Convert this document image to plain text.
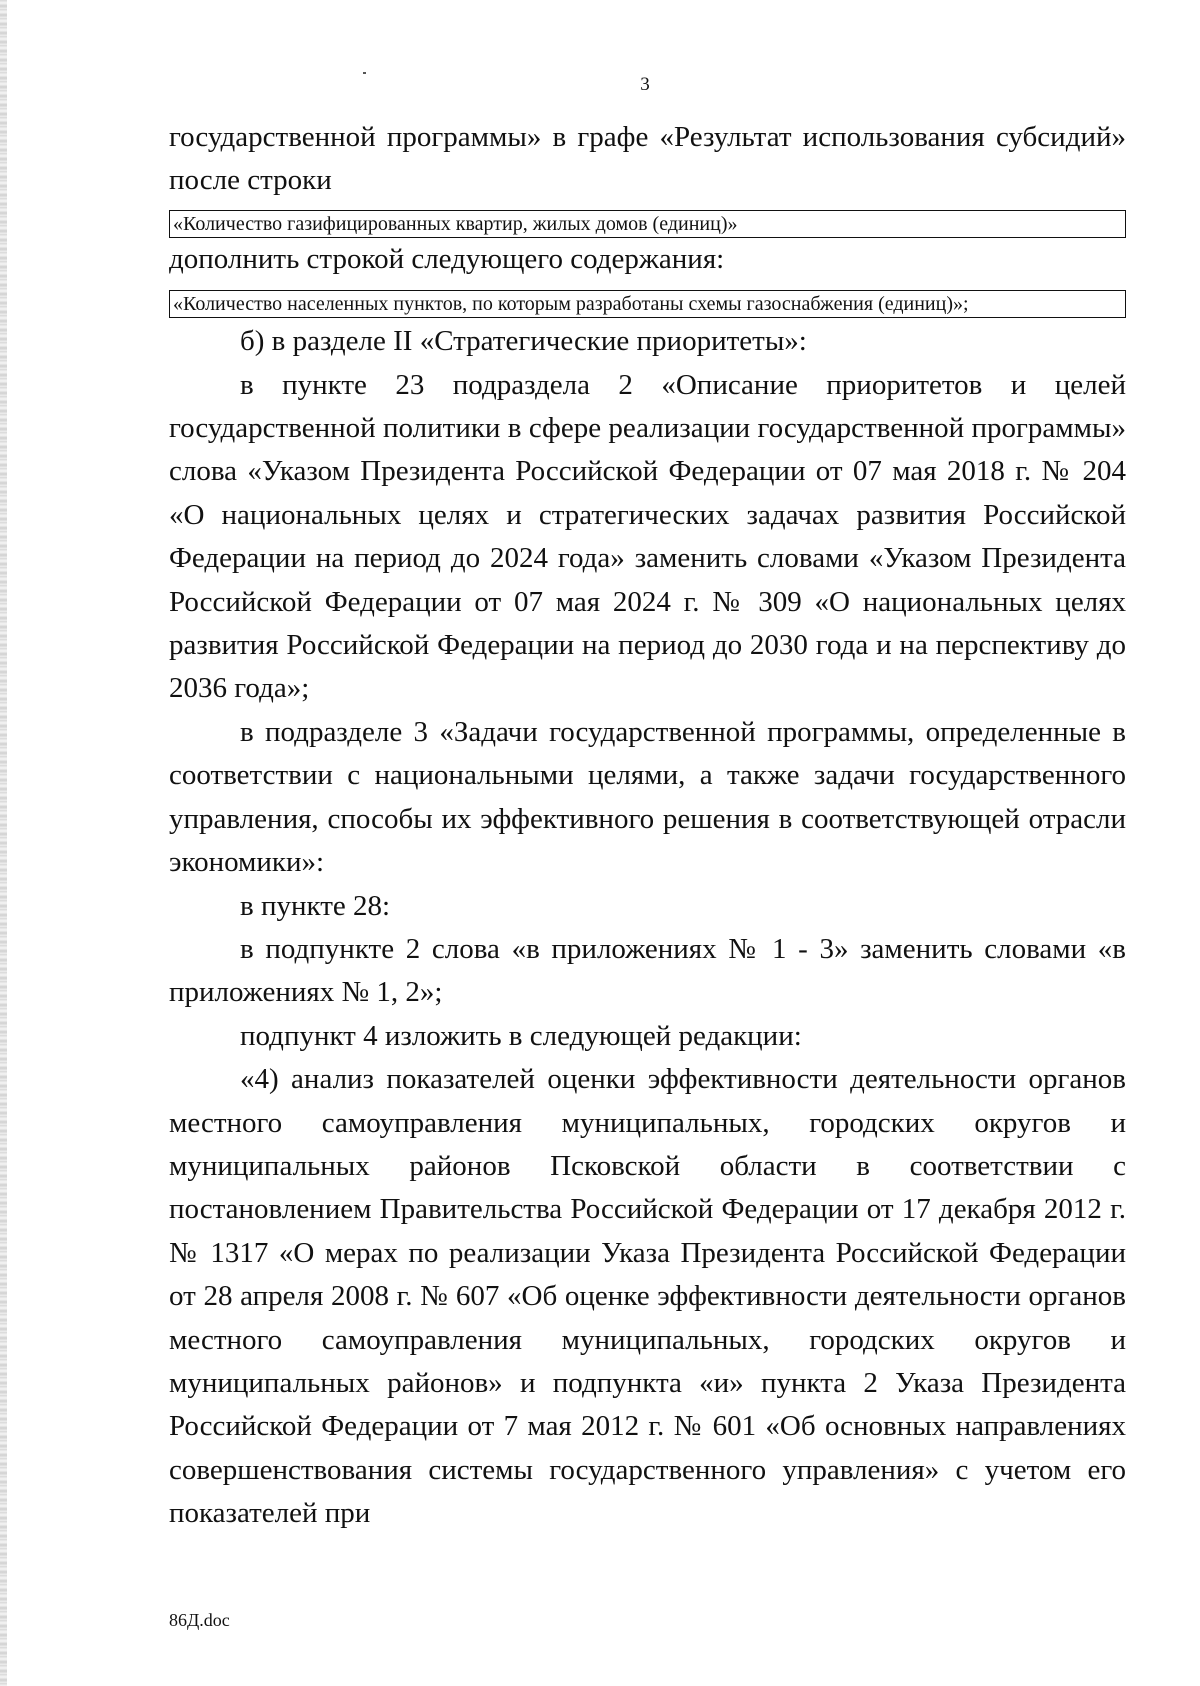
3

государственной программы» в графе «Результат использования субсидий» после строки

«Количество газифицированных квартир, жилых домов (единиц)»

дополнить строкой следующего содержания:

«Количество населенных пунктов, по которым разработаны схемы газоснабжения (единиц)»;

б) в разделе II «Стратегические приоритеты»:

в пункте 23 подраздела 2 «Описание приоритетов и целей государственной политики в сфере реализации государственной программы» слова «Указом Президента Российской Федерации от 07 мая 2018 г. № 204 «О национальных целях и стратегических задачах развития Российской Федерации на период до 2024 года» заменить словами «Указом Президента Российской Федерации от 07 мая 2024 г. № 309 «О национальных целях развития Российской Федерации на период до 2030 года и на перспективу до 2036 года»;

в подразделе 3 «Задачи государственной программы, определенные в соответствии с национальными целями, а также задачи государственного управления, способы их эффективного решения в соответствующей отрасли экономики»:

в пункте 28:

в подпункте 2 слова «в приложениях № 1 - 3» заменить словами «в приложениях № 1, 2»;

подпункт 4 изложить в следующей редакции:

«4) анализ показателей оценки эффективности деятельности органов местного самоуправления муниципальных, городских округов и муниципальных районов Псковской области в соответствии с постановлением Правительства Российской Федерации от 17 декабря 2012 г. № 1317 «О мерах по реализации Указа Президента Российской Федерации от 28 апреля 2008 г. № 607 «Об оценке эффективности деятельности органов местного самоуправления муниципальных, городских округов и муниципальных районов» и подпункта «и» пункта 2 Указа Президента Российской Федерации от 7 мая 2012 г. № 601 «Об основных направлениях совершенствования системы государственного управления» с учетом его показателей при

86Д.doc
